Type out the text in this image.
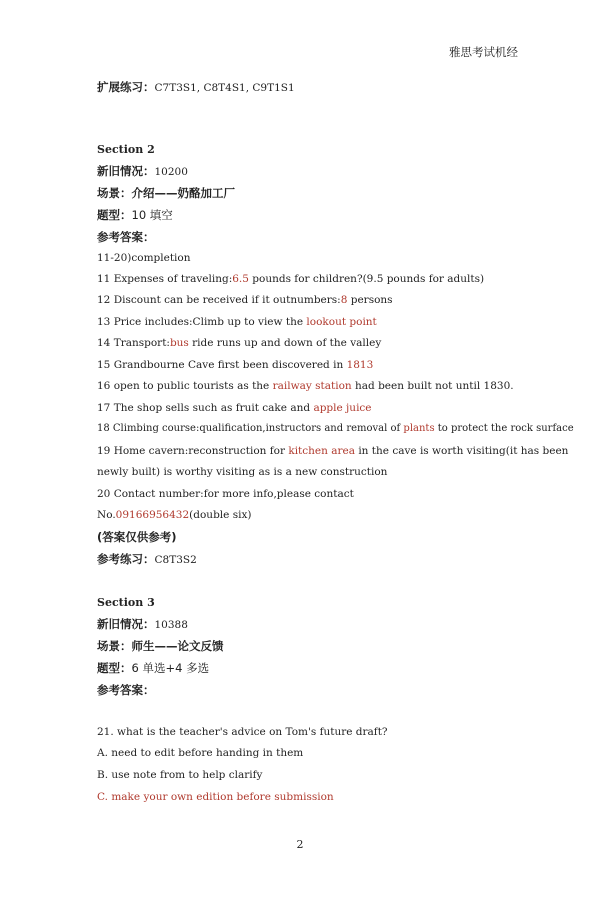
雅思考试机经
扩展练习：C7T3S1, C8T4S1, C9T1S1
Section 2
新旧情况：10200
场景：介绍——奶酪加工厂
题型：10 填空
参考答案：
11-20)completion
11 Expenses of traveling:6.5 pounds for children?(9.5 pounds for adults)
12 Discount can be received if it outnumbers:8 persons
13 Price includes:Climb up to view the lookout point
14 Transport:bus ride runs up and down of the valley
15 Grandbourne Cave first been discovered in 1813
16 open to public tourists as the railway station had been built not until 1830.
17 The shop sells such as fruit cake and apple juice
18 Climbing course:qualification,instructors and removal of plants to protect the rock surface
19 Home cavern:reconstruction for kitchen area in the cave is worth visiting(it has been
newly built) is worthy visiting as is a new construction
20 Contact number:for more info,please contact
No.09166956432(double six)
(答案仅供参考)
参考练习：C8T3S2
Section 3
新旧情况：10388
场景：师生——论文反馈
题型：6 单选+4 多选
参考答案：
21. what is the teacher's advice on Tom's future draft?
A. need to edit before handing in them
B. use note from to help clarify
C. make your own edition before submission
2
